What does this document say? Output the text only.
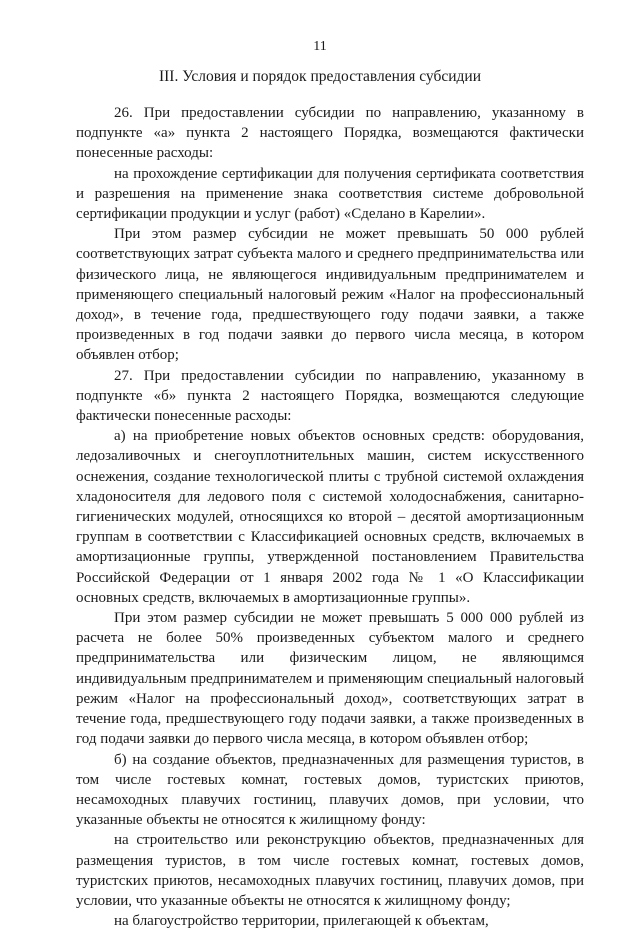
11
III. Условия и порядок предоставления субсидии

26. При предоставлении субсидии по направлению, указанному в подпункте «а» пункта 2 настоящего Порядка, возмещаются фактически понесенные расходы:

на прохождение сертификации для получения сертификата соответствия и разрешения на применение знака соответствия системе добровольной сертификации продукции и услуг (работ) «Сделано в Карелии».

При этом размер субсидии не может превышать 50 000 рублей соответствующих затрат субъекта малого и среднего предпринимательства или физического лица, не являющегося индивидуальным предпринимателем и применяющего специальный налоговый режим «Налог на профессиональный доход», в течение года, предшествующего году подачи заявки, а также произведенных в год подачи заявки до первого числа месяца, в котором объявлен отбор;

27. При предоставлении субсидии по направлению, указанному в подпункте «б» пункта 2 настоящего Порядка, возмещаются следующие фактически понесенные расходы:

а) на приобретение новых объектов основных средств: оборудования, ледозаливочных и снегоуплотнительных машин, систем искусственного оснежения, создание технологической плиты с трубной системой охлаждения хладоносителя для ледового поля с системой холодоснабжения, санитарно-гигиенических модулей, относящихся ко второй – десятой амортизационным группам в соответствии с Классификацией основных средств, включаемых в амортизационные группы, утвержденной постановлением Правительства Российской Федерации от 1 января 2002 года № 1 «О Классификации основных средств, включаемых в амортизационные группы».

При этом размер субсидии не может превышать 5 000 000 рублей из расчета не более 50% произведенных субъектом малого и среднего предпринимательства или физическим лицом, не являющимся индивидуальным предпринимателем и применяющим специальный налоговый режим «Налог на профессиональный доход», соответствующих затрат в течение года, предшествующего году подачи заявки, а также произведенных в год подачи заявки до первого числа месяца, в котором объявлен отбор;

б) на создание объектов, предназначенных для размещения туристов, в том числе гостевых комнат, гостевых домов, туристских приютов, несамоходных плавучих гостиниц, плавучих домов, при условии, что указанные объекты не относятся к жилищному фонду:

на строительство или реконструкцию объектов, предназначенных для размещения туристов, в том числе гостевых комнат, гостевых домов, туристских приютов, несамоходных плавучих гостиниц, плавучих домов, при условии, что указанные объекты не относятся к жилищному фонду;

на благоустройство территории, прилегающей к объектам,
